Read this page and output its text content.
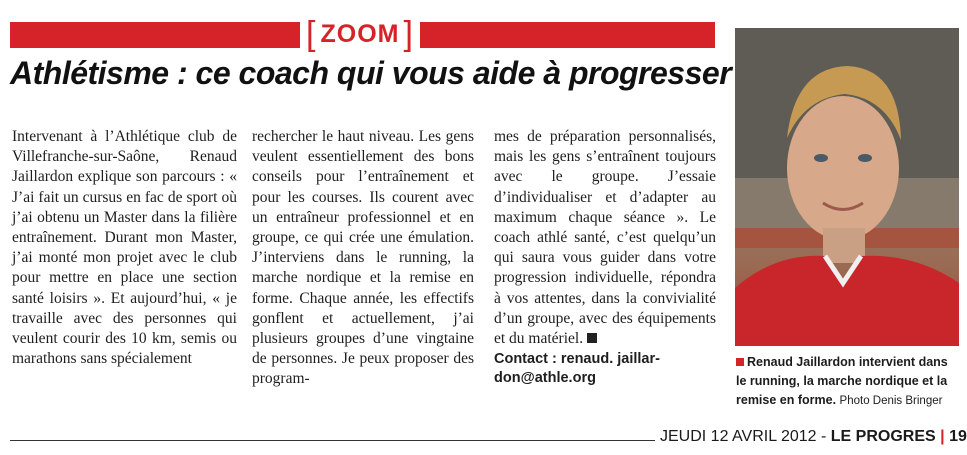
[ ZOOM ]
Athlétisme : ce coach qui vous aide à progresser

Intervenant à l’Athlétique club de Villefranche-sur-Saône, Renaud Jaillardon explique son parcours : « J’ai fait un cursus en fac de sport où j’ai obtenu un Master dans la filière entraînement. Durant mon Master, j’ai monté mon projet avec le club pour mettre en place une section santé loisirs ». Et aujourd’hui, « je travaille avec des personnes qui veulent courir des 10 km, semis ou marathons sans spécialement

rechercher le haut niveau. Les gens veulent essentiellement des bons conseils pour l’entraînement et pour les courses. Ils courent avec un entraîneur professionnel et en groupe, ce qui crée une émulation. J’interviens dans le running, la marche nordique et la remise en forme. Chaque année, les effectifs gonflent et actuellement, j’ai plusieurs groupes d’une vingtaine de personnes. Je peux proposer des program-

mes de préparation personnalisés, mais les gens s’entraînent toujours avec le groupe. J’essaie d’individualiser et d’adapter au maximum chaque séance ». Le coach athlé santé, c’est quelqu’un qui saura vous guider dans votre progression individuelle, répondra à vos attentes, dans la convivialité d’un groupe, avec des équipements et du matériel.

Contact : renaud. jaillar-don@athle.org
Renaud Jaillardon intervient dans le running, la marche nordique et la remise en forme. Photo Denis Bringer
JEUDI 12 AVRIL 2012 - LE PROGRES | 19
